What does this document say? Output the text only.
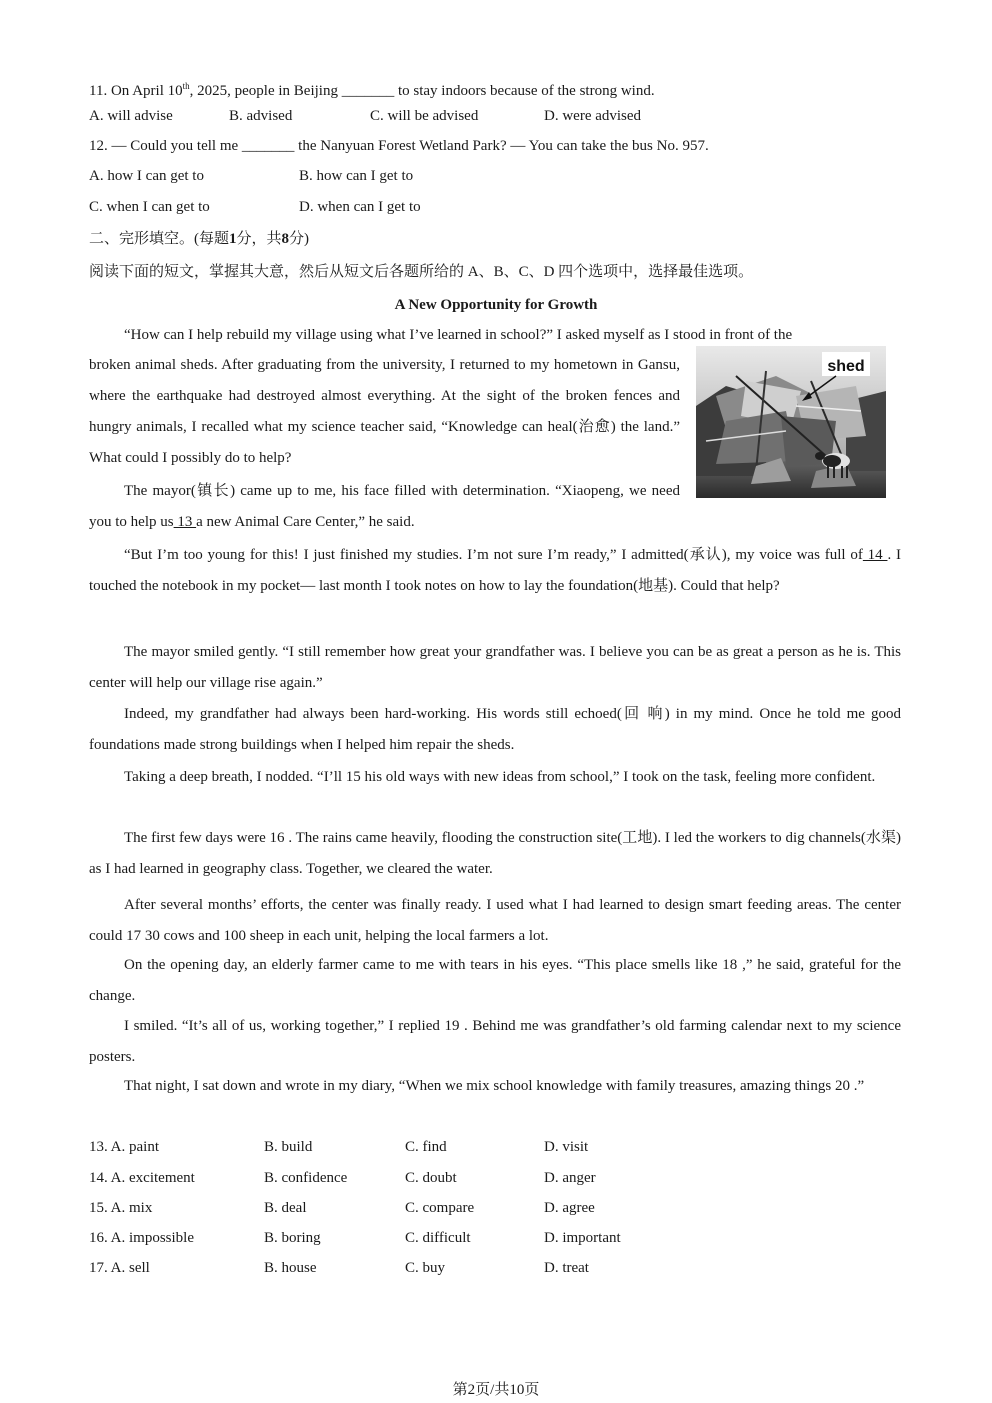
11. On April 10th, 2025, people in Beijing _______ to stay indoors because of the strong wind.
A. will advise	B. advised	C. will be advised	D. were advised
12. — Could you tell me _______ the Nanyuan Forest Wetland Park? — You can take the bus No. 957.
A. how I can get to	B. how can I get to
C. when I can get to	D. when can I get to
二、完形填空。(每题1分，共8分)
阅读下面的短文，掌握其大意，然后从短文后各题所给的 A、B、C、D 四个选项中，选择最佳选项。
A New Opportunity for Growth

“How can I help rebuild my village using what I’ve learned in school?” I asked myself as I stood in front of the

broken animal sheds. After graduating from the university, I returned to my hometown in Gansu, where the earthquake had destroyed almost everything. At the sight of the broken fences and hungry animals, I recalled what my science teacher said, “Knowledge can heal(治愈) the land.” What could I possibly do to help?

shed

The mayor(镇长) came up to me, his face filled with determination. “Xiaopeng, we need you to help us 13 a new Animal Care Center,” he said.

“But I’m too young for this! I just finished my studies. I’m not sure I’m ready,” I admitted(承认), my voice was full of 14 . I touched the notebook in my pocket— last month I took notes on how to lay the foundation(地基). Could that help?

The mayor smiled gently. “I still remember how great your grandfather was. I believe you can be as great a person as he is. This center will help our village rise again.”

Indeed, my grandfather had always been hard-working. His words still echoed(回 响) in my mind. Once he told me good foundations made strong buildings when I helped him repair the sheds.

Taking a deep breath, I nodded. “I’ll 15 his old ways with new ideas from school,” I took on the task, feeling more confident.

The first few days were 16 . The rains came heavily, flooding the construction site(工地). I led the workers to dig channels(水渠) as I had learned in geography class. Together, we cleared the water.

After several months’ efforts, the center was finally ready. I used what I had learned to design smart feeding areas. The center could 17 30 cows and 100 sheep in each unit, helping the local farmers a lot.

On the opening day, an elderly farmer came to me with tears in his eyes. “This place smells like 18 ,” he said, grateful for the change.

I smiled. “It’s all of us, working together,” I replied 19 . Behind me was grandfather’s old farming calendar next to my science posters.

That night, I sat down and wrote in my diary, “When we mix school knowledge with family treasures, amazing things 20 .”

13. A. paint	B. build	C. find	D. visit
14. A. excitement	B. confidence	C. doubt	D. anger
15. A. mix	B. deal	C. compare	D. agree
16. A. impossible	B. boring	C. difficult	D. important
17. A. sell	B. house	C. buy	D. treat
第2页/共10页
